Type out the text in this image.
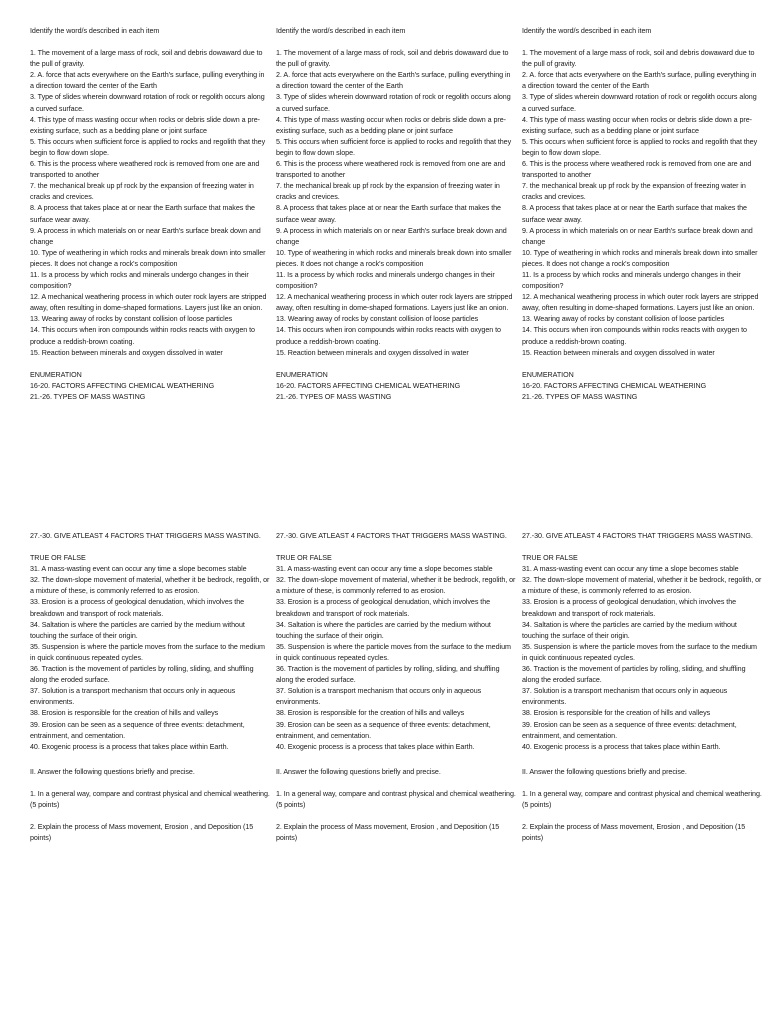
Identify the word/s described in each item

1. The movement of a large mass of rock, soil and debris dowaward due to the pull of gravity.

2. A. force that acts everywhere on the Earth's surface, pulling everything in a direction toward the center of the Earth

3. Type of slides wherein downward rotation of rock or regolith occurs along a curved surface.

4. This type of mass wasting occur when rocks or debris slide down a pre-existing surface, such as a bedding plane or joint surface

5. This occurs when sufficient force is applied to rocks and regolith that they begin to flow down slope.

6. This is the process where weathered rock is removed from one are and transported to another

7. the mechanical break up pf rock by the expansion of freezing water in cracks and crevices.

8. A process that takes place at or near the Earth surface that makes the surface wear away.

9. A process in which materials on or near Earth's surface break down and change

10. Type of weathering in which rocks and minerals break down into smaller pieces. It does not change a rock's composition

11. Is a process by which rocks and minerals undergo changes in their composition?

12. A mechanical weathering process in which outer rock layers are stripped away, often resulting in dome-shaped formations. Layers just like an onion.

13. Wearing away of rocks by constant collision of loose particles

14. This occurs when iron compounds within rocks reacts with oxygen to produce a reddish-brown coating.

15. Reaction between minerals and oxygen dissolved in water

ENUMERATION

16-20. FACTORS AFFECTING CHEMICAL WEATHERING

21.-26. TYPES OF MASS WASTING

27.-30. GIVE ATLEAST 4 FACTORS THAT TRIGGERS MASS WASTING.

TRUE OR FALSE

31. A mass-wasting event can occur any time a slope becomes stable

32. The down-slope movement of material, whether it be bedrock, regolith, or a mixture of these, is commonly referred to as erosion.

33. Erosion is a process of geological denudation, which involves the breakdown and transport of rock materials.

34. Saltation is where the particles are carried by the medium without touching the surface of their origin.

35. Suspension is where the particle moves from the surface to the medium in quick continuous repeated cycles.

36. Traction is the movement of particles by rolling, sliding, and shuffling along the eroded surface.

37. Solution is a transport mechanism that occurs only in aqueous environments.

38. Erosion is responsible for the creation of hills and valleys

39. Erosion can be seen as a sequence of three events: detachment, entrainment, and cementation.

40. Exogenic process is a process that takes place within Earth.

II. Answer the following questions briefly and precise.

1. In a general way, compare and contrast physical and chemical weathering. (5 points)

2. Explain the process of Mass movement, Erosion , and Deposition (15 points)

Identify the word/s described in each item

1. The movement of a large mass of rock, soil and debris dowaward due to the pull of gravity.

2. A. force that acts everywhere on the Earth's surface, pulling everything in a direction toward the center of the Earth

3. Type of slides wherein downward rotation of rock or regolith occurs along a curved surface.

4. This type of mass wasting occur when rocks or debris slide down a pre-existing surface, such as a bedding plane or joint surface

5. This occurs when sufficient force is applied to rocks and regolith that they begin to flow down slope.

6. This is the process where weathered rock is removed from one are and transported to another

7. the mechanical break up pf rock by the expansion of freezing water in cracks and crevices.

8. A process that takes place at or near the Earth surface that makes the surface wear away.

9. A process in which materials on or near Earth's surface break down and change

10. Type of weathering in which rocks and minerals break down into smaller pieces. It does not change a rock's composition

11. Is a process by which rocks and minerals undergo changes in their composition?

12. A mechanical weathering process in which outer rock layers are stripped away, often resulting in dome-shaped formations. Layers just like an onion.

13. Wearing away of rocks by constant collision of loose particles

14. This occurs when iron compounds within rocks reacts with oxygen to produce a reddish-brown coating.

15. Reaction between minerals and oxygen dissolved in water

ENUMERATION

16-20. FACTORS AFFECTING CHEMICAL WEATHERING

21.-26. TYPES OF MASS WASTING

27.-30. GIVE ATLEAST 4 FACTORS THAT TRIGGERS MASS WASTING.

TRUE OR FALSE

31. A mass-wasting event can occur any time a slope becomes stable

32. The down-slope movement of material, whether it be bedrock, regolith, or a mixture of these, is commonly referred to as erosion.

33. Erosion is a process of geological denudation, which involves the breakdown and transport of rock materials.

34. Saltation is where the particles are carried by the medium without touching the surface of their origin.

35. Suspension is where the particle moves from the surface to the medium in quick continuous repeated cycles.

36. Traction is the movement of particles by rolling, sliding, and shuffling along the eroded surface.

37. Solution is a transport mechanism that occurs only in aqueous environments.

38. Erosion is responsible for the creation of hills and valleys

39. Erosion can be seen as a sequence of three events: detachment, entrainment, and cementation.

40. Exogenic process is a process that takes place within Earth.

II. Answer the following questions briefly and precise.

1. In a general way, compare and contrast physical and chemical weathering. (5 points)

2. Explain the process of Mass movement, Erosion , and Deposition (15 points)

Identify the word/s described in each item

1. The movement of a large mass of rock, soil and debris dowaward due to the pull of gravity.

2. A. force that acts everywhere on the Earth's surface, pulling everything in a direction toward the center of the Earth

3. Type of slides wherein downward rotation of rock or regolith occurs along a curved surface.

4. This type of mass wasting occur when rocks or debris slide down a pre-existing surface, such as a bedding plane or joint surface

5. This occurs when sufficient force is applied to rocks and regolith that they begin to flow down slope.

6. This is the process where weathered rock is removed from one are and transported to another

7. the mechanical break up pf rock by the expansion of freezing water in cracks and crevices.

8. A process that takes place at or near the Earth surface that makes the surface wear away.

9. A process in which materials on or near Earth's surface break down and change

10. Type of weathering in which rocks and minerals break down into smaller pieces. It does not change a rock's composition

11. Is a process by which rocks and minerals undergo changes in their composition?

12. A mechanical weathering process in which outer rock layers are stripped away, often resulting in dome-shaped formations. Layers just like an onion.

13. Wearing away of rocks by constant collision of loose particles

14. This occurs when iron compounds within rocks reacts with oxygen to produce a reddish-brown coating.

15. Reaction between minerals and oxygen dissolved in water

ENUMERATION

16-20. FACTORS AFFECTING CHEMICAL WEATHERING

21.-26. TYPES OF MASS WASTING

27.-30. GIVE ATLEAST 4 FACTORS THAT TRIGGERS MASS WASTING.

TRUE OR FALSE

31. A mass-wasting event can occur any time a slope becomes stable

32. The down-slope movement of material, whether it be bedrock, regolith, or a mixture of these, is commonly referred to as erosion.

33. Erosion is a process of geological denudation, which involves the breakdown and transport of rock materials.

34. Saltation is where the particles are carried by the medium without touching the surface of their origin.

35. Suspension is where the particle moves from the surface to the medium in quick continuous repeated cycles.

36. Traction is the movement of particles by rolling, sliding, and shuffling along the eroded surface.

37. Solution is a transport mechanism that occurs only in aqueous environments.

38. Erosion is responsible for the creation of hills and valleys

39. Erosion can be seen as a sequence of three events: detachment, entrainment, and cementation.

40. Exogenic process is a process that takes place within Earth.

II. Answer the following questions briefly and precise.

1. In a general way, compare and contrast physical and chemical weathering. (5 points)

2. Explain the process of Mass movement, Erosion , and Deposition (15 points)
